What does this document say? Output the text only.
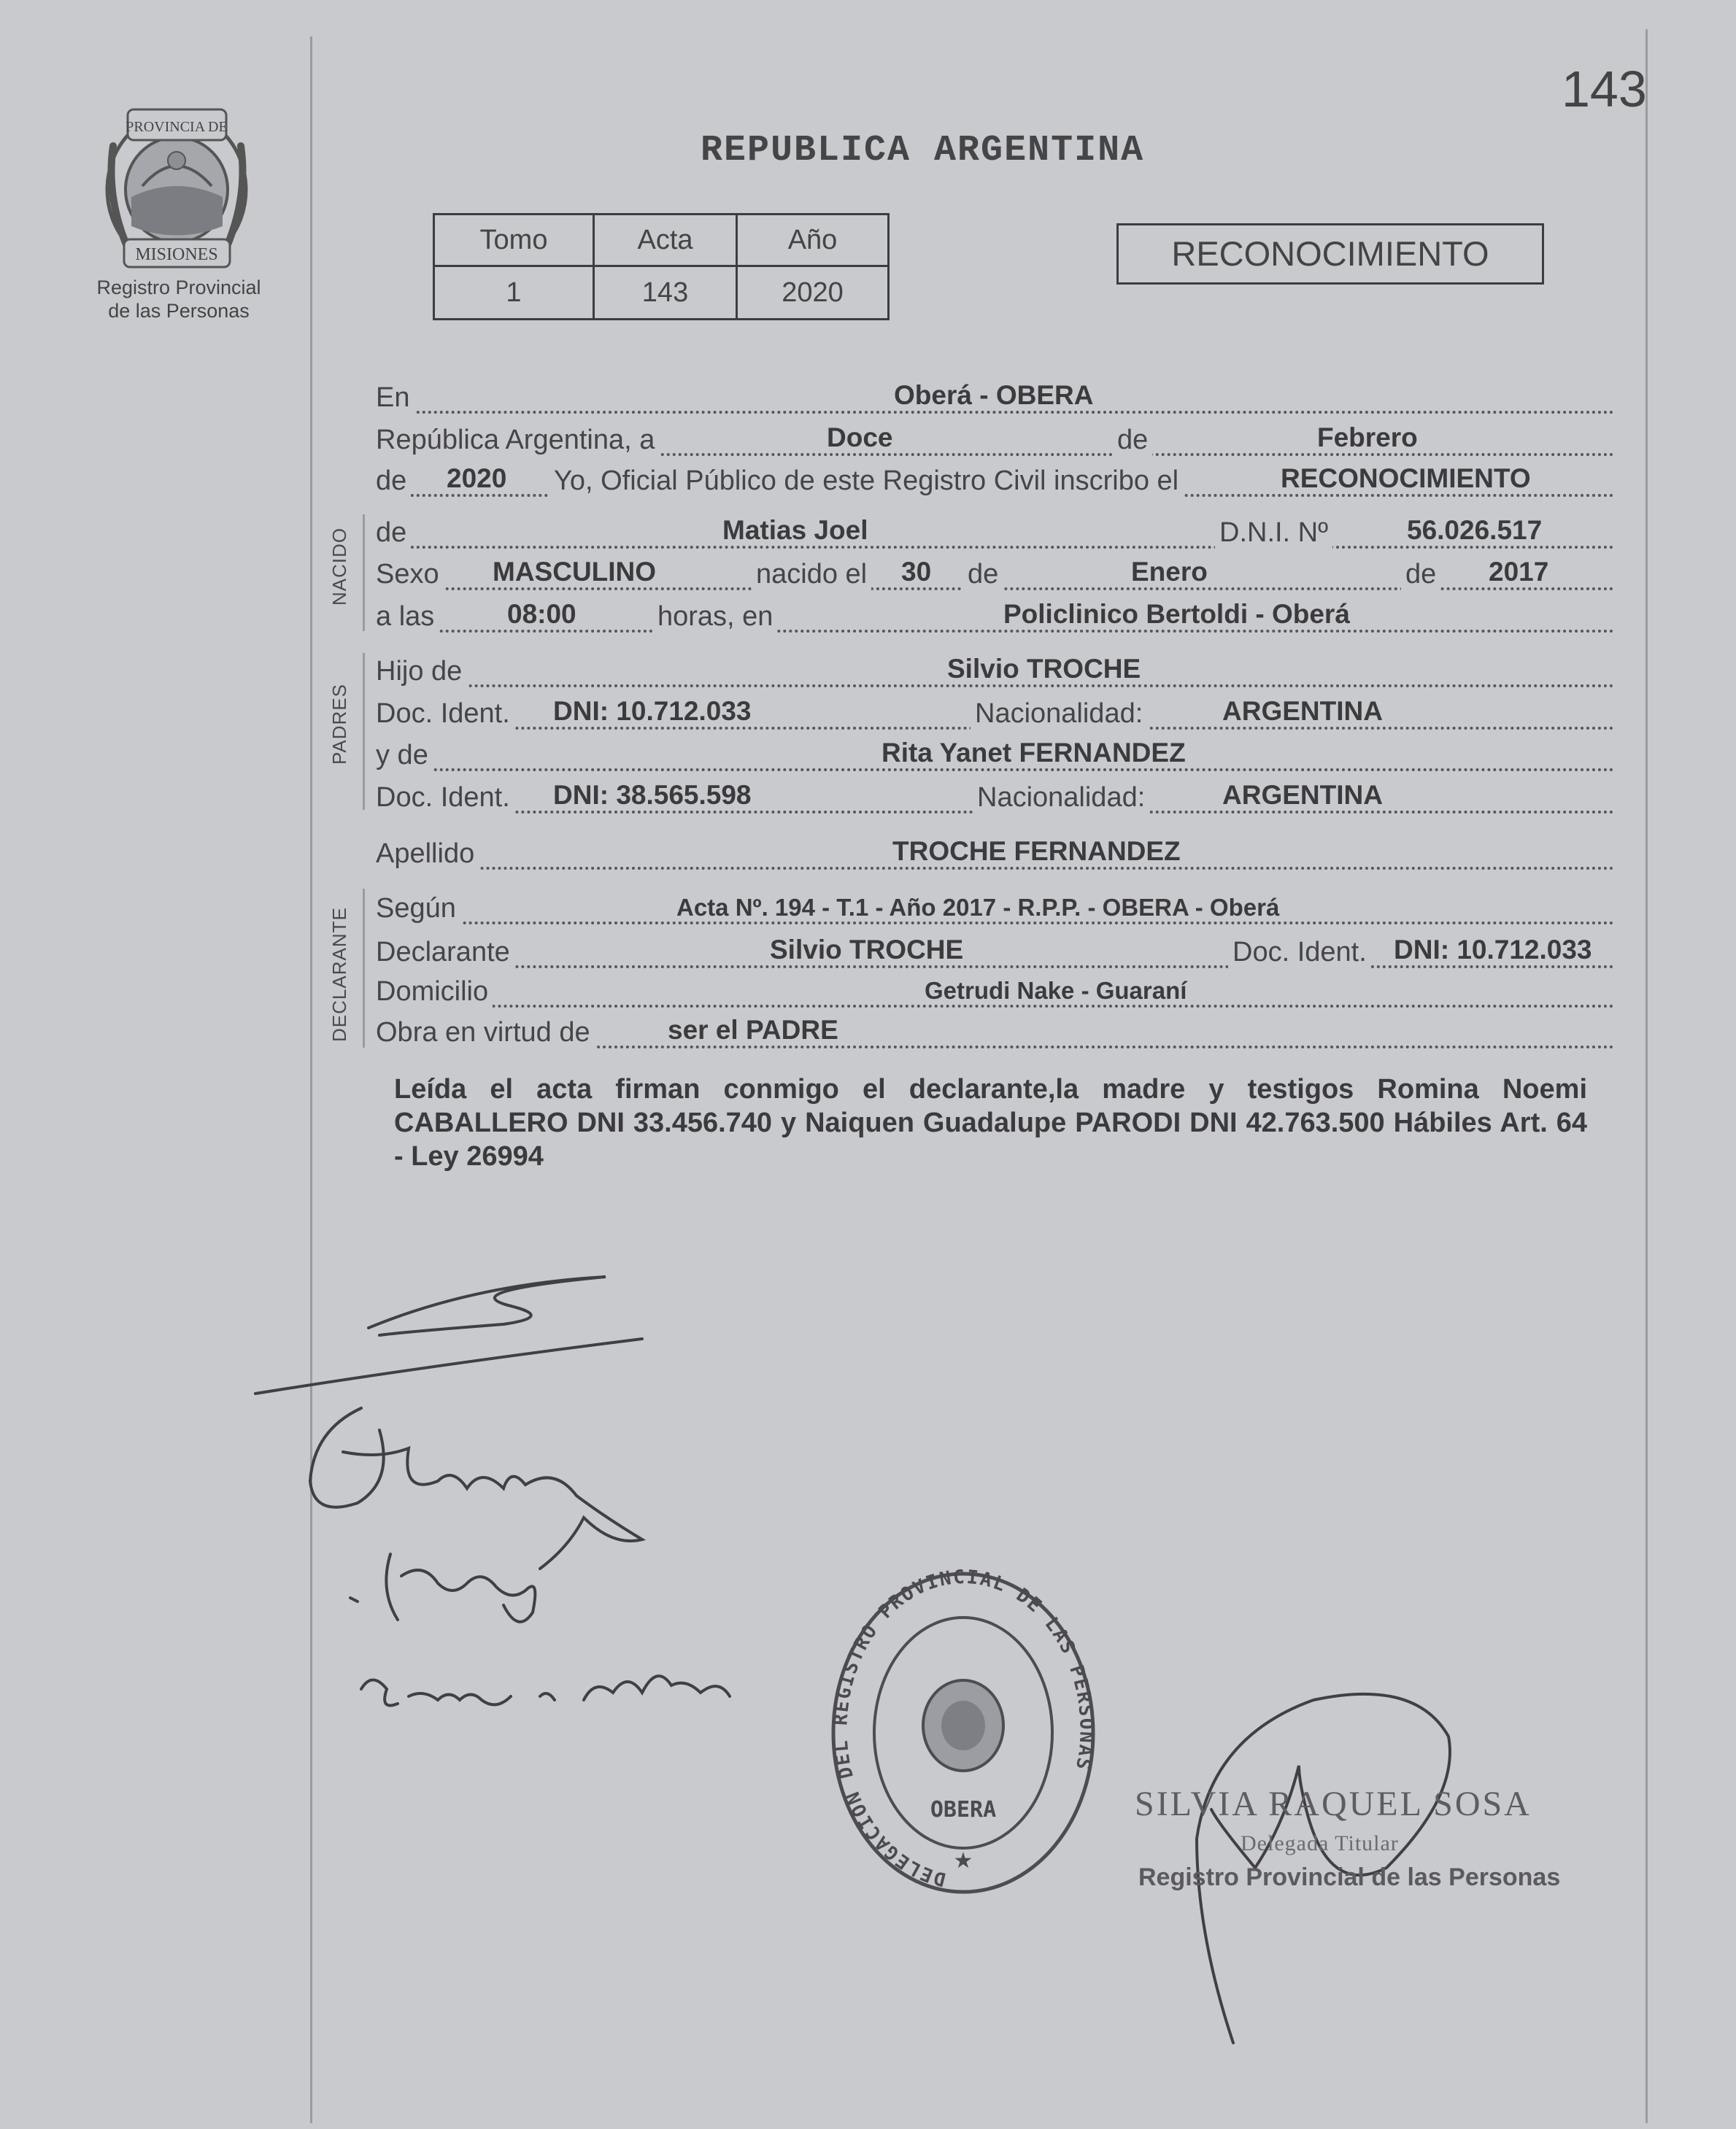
143
PROVINCIA DE
MISIONES
Registro Provincial
de las Personas
REPUBLICA ARGENTINA
Tomo	Acta	Año
1	143	2020
RECONOCIMIENTO
En	Oberá - OBERA
República Argentina, a	Doce	de	Febrero
de 2020 Yo, Oficial Público de este Registro Civil inscribo el	RECONOCIMIENTO
NACIDO de	Matias Joel	D.N.I. Nº	56.026.517
Sexo MASCULINO	nacido el 30 de	Enero	de 2017
a las	08:00	horas, en	Policlinico Bertoldi - Oberá
PADRES
Hijo de	Silvio TROCHE
Doc. Ident. DNI: 10.712.033	Nacionalidad:	ARGENTINA
y de	Rita Yanet FERNANDEZ
Doc. Ident. DNI: 38.565.598	Nacionalidad:	ARGENTINA
Apellido	TROCHE FERNANDEZ
DECLARANTE Según	Acta Nº. 194 - T.1 - Año 2017 - R.P.P. - OBERA - Oberá
Declarante	Silvio TROCHE	Doc. Ident. DNI: 10.712.033
Domicilio	Getrudi Nake - Guaraní
Obra en virtud de	ser el PADRE
Leída el acta firman conmigo el declarante,la madre y testigos Romina Noemi CABALLERO DNI 33.456.740 y Naiquen Guadalupe PARODI DNI 42.763.500 Hábiles Art. 64 - Ley 26994
DELEGACION DEL REGISTRO PROVINCIAL DE LAS PERSONAS
OBERA
★
SILVIA RAQUEL SOSA
Delegada Titular
Registro Provincial de las Personas
